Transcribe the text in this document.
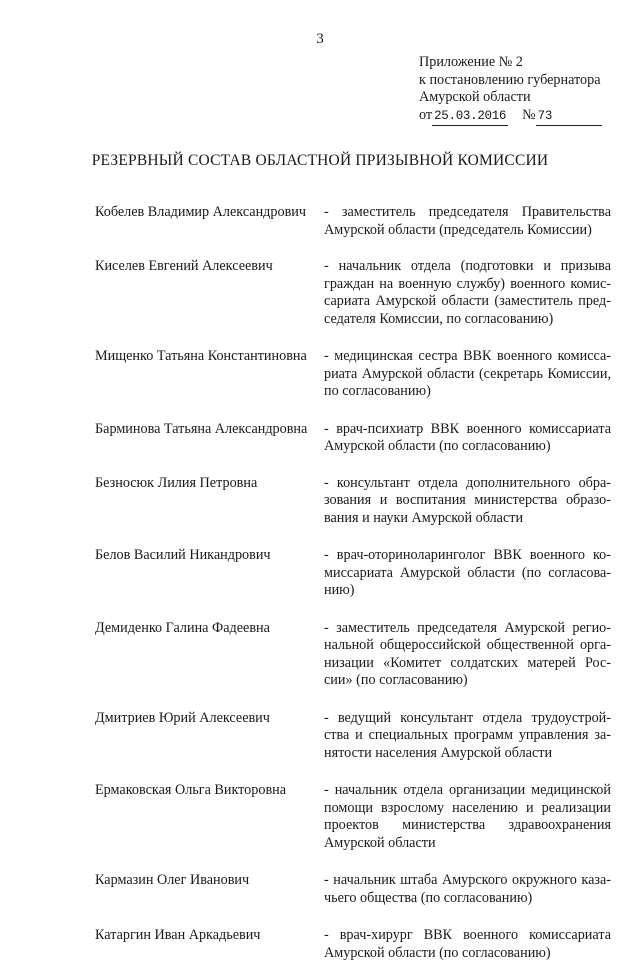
3
Приложение № 2
к постановлению губернатора
Амурской области
от 25.03.2016 № 73
РЕЗЕРВНЫЙ СОСТАВ ОБЛАСТНОЙ ПРИЗЫВНОЙ КОМИССИИ
Кобелев Владимир Александрович	- заместитель председателя Правительства
Амурской области (председатель Комиссии)
Киселев Евгений Алексеевич	- начальник отдела (подготовки и призыва
граждан на военную службу) военного комис-
сариата Амурской области (заместитель пред-
седателя Комиссии, по согласованию)
Мищенко Татьяна Константиновна	- медицинская сестра ВВК военного комисса-
риата Амурской области (секретарь Комиссии,
по согласованию)
Барминова Татьяна Александровна	- врач-психиатр ВВК военного комиссариата
Амурской области (по согласованию)
Безносюк Лилия Петровна	- консультант отдела дополнительного обра-
зования и воспитания министерства образо-
вания и науки Амурской области
Белов Василий Никандрович	- врач-оториноларинголог ВВК военного ко-
миссариата Амурской области (по согласова-
нию)
Демиденко Галина Фадеевна	- заместитель председателя Амурской регио-
нальной общероссийской общественной орга-
низации «Комитет солдатских матерей Рос-
сии» (по согласованию)
Дмитриев Юрий Алексеевич	- ведущий консультант отдела трудоустрой-
ства и специальных программ управления за-
нятости населения Амурской области
Ермаковская Ольга Викторовна	- начальник отдела организации медицинской
помощи взрослому населению и реализации
проектов министерства здравоохранения
Амурской области
Кармазин Олег Иванович	- начальник штаба Амурского окружного каза-
чьего общества (по согласованию)
Катаргин Иван Аркадьевич	- врач-хирург ВВК военного комиссариата
Амурской области (по согласованию)
